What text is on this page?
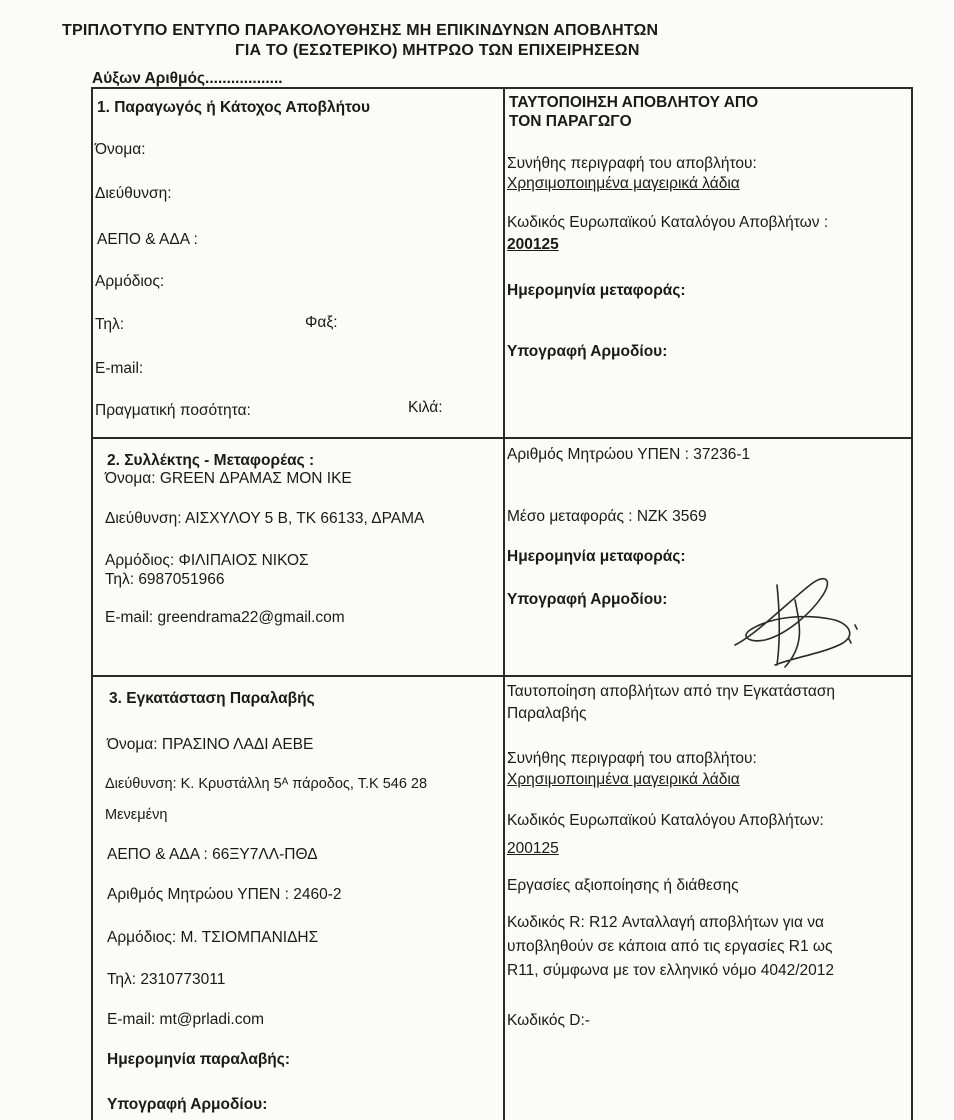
ΤΡΙΠΛΟΤΥΠΟ ΕΝΤΥΠΟ ΠΑΡΑΚΟΛΟΥΘΗΣΗΣ ΜΗ ΕΠΙΚΙΝΔΥΝΩΝ ΑΠΟΒΛΗΤΩΝ
ΓΙΑ ΤΟ (ΕΣΩΤΕΡΙΚΟ) ΜΗΤΡΩΟ ΤΩΝ ΕΠΙΧΕΙΡΗΣΕΩΝ
Αύξων Αριθμός..................
1. Παραγωγός ή Κάτοχος Αποβλήτου
Όνομα:
Διεύθυνση:
ΑΕΠΟ & ΑΔΑ :
Αρμόδιος:
Τηλ:	Φαξ:
E-mail:
Πραγματική ποσότητα:	Κιλά:
ΤΑΥΤΟΠΟΙΗΣΗ ΑΠΟΒΛΗΤΟΥ ΑΠΟ
ΤΟΝ ΠΑΡΑΓΩΓΟ
Συνήθης περιγραφή του αποβλήτου:
Χρησιμοποιημένα μαγειρικά λάδια
Κωδικός Ευρωπαϊκού Καταλόγου Αποβλήτων :
200125
Ημερομηνία μεταφοράς:
Υπογραφή Αρμοδίου:
2. Συλλέκτης - Μεταφορέας :
Όνομα: GREEN ΔΡΑΜΑΣ ΜΟΝ ΙΚΕ
Διεύθυνση: ΑΙΣΧΥΛΟΥ 5 Β, ΤΚ 66133, ΔΡΑΜΑ
Αρμόδιος: ΦΙΛΙΠΑΙΟΣ ΝΙΚΟΣ
Τηλ: 6987051966
E-mail: greendrama22@gmail.com
Αριθμός Μητρώου ΥΠΕΝ : 37236-1
Μέσο μεταφοράς : ΝΖΚ 3569
Ημερομηνία μεταφοράς:
Υπογραφή Αρμοδίου:
3. Εγκατάσταση Παραλαβής
Όνομα: ΠΡΑΣΙΝΟ ΛΑΔΙ ΑΕΒΕ
Διεύθυνση: Κ. Κρυστάλλη 5ᴬ πάροδος, Τ.Κ 546 28
Μενεμένη
ΑΕΠΟ & ΑΔΑ : 66ΞΥ7ΛΛ-ΠΘΔ
Αριθμός Μητρώου ΥΠΕΝ : 2460-2
Αρμόδιος: Μ. ΤΣΙΟΜΠΑΝΙΔΗΣ
Τηλ: 2310773011
E-mail: mt@prladi.com
Ημερομηνία παραλαβής:
Υπογραφή Αρμοδίου:
Ταυτοποίηση αποβλήτων από την Εγκατάσταση
Παραλαβής
Συνήθης περιγραφή του αποβλήτου:
Χρησιμοποιημένα μαγειρικά λάδια
Κωδικός Ευρωπαϊκού Καταλόγου Αποβλήτων:
200125
Εργασίες αξιοποίησης ή διάθεσης
Κωδικός R: R12 Ανταλλαγή αποβλήτων για να
υποβληθούν σε κάποια από τις εργασίες R1 ως
R11, σύμφωνα με τον ελληνικό νόμο 4042/2012
Κωδικός D:-
